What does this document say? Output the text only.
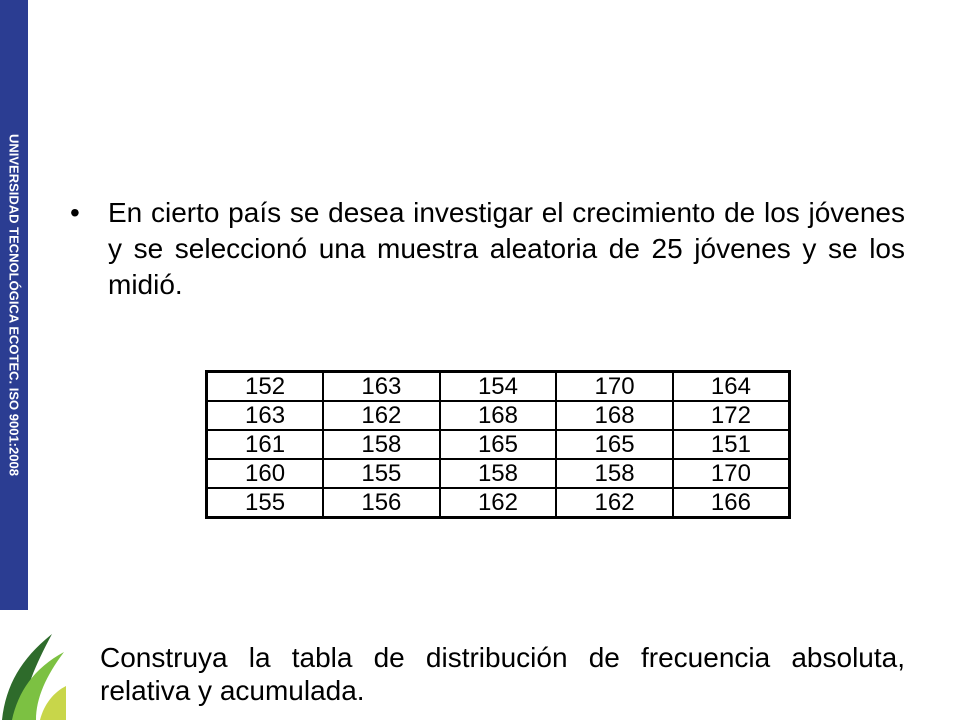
UNIVERSIDAD TECNOLÓGICA ECOTEC. ISO 9001:2008 •	En cierto país se desea investigar el crecimiento de los jóvenes y se seleccionó una muestra aleatoria de 25 jóvenes y se los midió.
152	163	154	170	164
163	162	168	168	172
161	158	165	165	151
160	155	158	158	170
155	156	162	162	166
Construya la tabla de distribución de frecuencia absoluta, relativa y acumulada.
